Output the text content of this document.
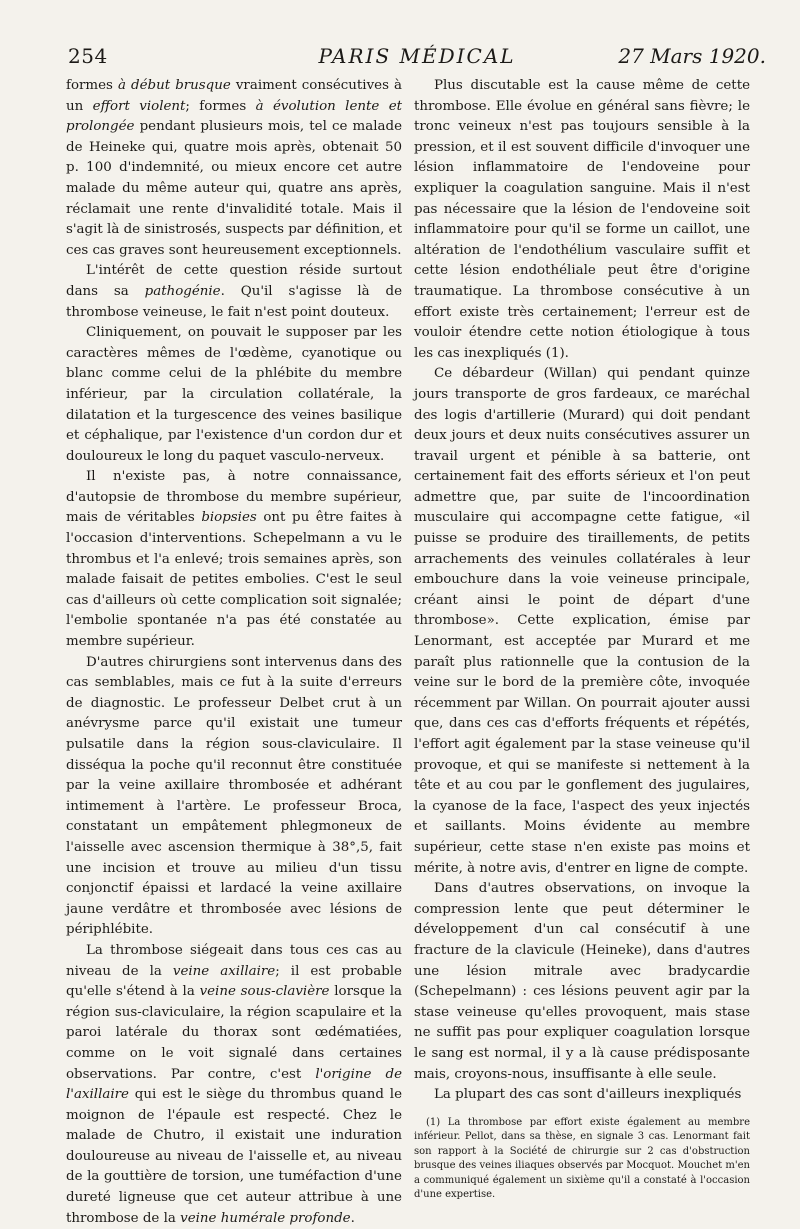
254	PARIS MÉDICAL	27 Mars 1920.

formes à début brusque vraiment consécutives à un effort violent; formes à évolution lente et prolongée pendant plusieurs mois, tel ce malade de Heineke qui, quatre mois après, obtenait 50 p. 100 d'indemnité, ou mieux encore cet autre malade du même auteur qui, quatre ans après, réclamait une rente d'invalidité totale. Mais il s'agit là de sinistrosés, suspects par définition, et ces cas graves sont heureusement exceptionnels.

L'intérêt de cette question réside surtout dans sa pathogénie. Qu'il s'agisse là de thrombose veineuse, le fait n'est point douteux.

Cliniquement, on pouvait le supposer par les caractères mêmes de l'œdème, cyanotique ou blanc comme celui de la phlébite du membre inférieur, par la circulation collatérale, la dilatation et la turgescence des veines basilique et céphalique, par l'existence d'un cordon dur et douloureux le long du paquet vasculo-nerveux.

Il n'existe pas, à notre connaissance, d'autopsie de thrombose du membre supérieur, mais de véritables biopsies ont pu être faites à l'occasion d'interventions. Schepelmann a vu le thrombus et l'a enlevé; trois semaines après, son malade faisait de petites embolies. C'est le seul cas d'ailleurs où cette complication soit signalée; l'embolie spontanée n'a pas été constatée au membre supérieur.

D'autres chirurgiens sont intervenus dans des cas semblables, mais ce fut à la suite d'erreurs de diagnostic. Le professeur Delbet crut à un anévrysme parce qu'il existait une tumeur pulsatile dans la région sous-claviculaire. Il disséqua la poche qu'il reconnut être constituée par la veine axillaire thrombosée et adhérant intimement à l'artère. Le professeur Broca, constatant un empâtement phlegmoneux de l'aisselle avec ascension thermique à 38°,5, fait une incision et trouve au milieu d'un tissu conjonctif épaissi et lardacé la veine axillaire jaune verdâtre et thrombosée avec lésions de périphlébite.

La thrombose siégeait dans tous ces cas au niveau de la veine axillaire; il est probable qu'elle s'étend à la veine sous-clavière lorsque la région sus-claviculaire, la région scapulaire et la paroi latérale du thorax sont œdématiées, comme on le voit signalé dans certaines observations. Par contre, c'est l'origine de l'axillaire qui est le siège du thrombus quand le moignon de l'épaule est respecté. Chez le malade de Chutro, il existait une induration douloureuse au niveau de l'aisselle et, au niveau de la gouttière de torsion, une tuméfaction d'une dureté ligneuse que cet auteur attribue à une thrombose de la veine humérale profonde.

Plus discutable est la cause même de cette thrombose. Elle évolue en général sans fièvre; le tronc veineux n'est pas toujours sensible à la pression, et il est souvent difficile d'invoquer une lésion inflammatoire de l'endoveine pour expliquer la coagulation sanguine. Mais il n'est pas nécessaire que la lésion de l'endoveine soit inflammatoire pour qu'il se forme un caillot, une altération de l'endothélium vasculaire suffit et cette lésion endothéliale peut être d'origine traumatique. La thrombose consécutive à un effort existe très certainement; l'erreur est de vouloir étendre cette notion étiologique à tous les cas inexpliqués (1).

Ce débardeur (Willan) qui pendant quinze jours transporte de gros fardeaux, ce maréchal des logis d'artillerie (Murard) qui doit pendant deux jours et deux nuits consécutives assurer un travail urgent et pénible à sa batterie, ont certainement fait des efforts sérieux et l'on peut admettre que, par suite de l'incoordination musculaire qui accompagne cette fatigue, «il puisse se produire des tiraillements, de petits arrachements des veinules collatérales à leur embouchure dans la voie veineuse principale, créant ainsi le point de départ d'une thrombose». Cette explication, émise par Lenormant, est acceptée par Murard et me paraît plus rationnelle que la contusion de la veine sur le bord de la première côte, invoquée récemment par Willan. On pourrait ajouter aussi que, dans ces cas d'efforts fréquents et répétés, l'effort agit également par la stase veineuse qu'il provoque, et qui se manifeste si nettement à la tête et au cou par le gonflement des jugulaires, la cyanose de la face, l'aspect des yeux injectés et saillants. Moins évidente au membre supérieur, cette stase n'en existe pas moins et mérite, à notre avis, d'entrer en ligne de compte.

Dans d'autres observations, on invoque la compression lente que peut déterminer le développement d'un cal consécutif à une fracture de la clavicule (Heineke), dans d'autres une lésion mitrale avec bradycardie (Schepelmann) : ces lésions peuvent agir par la stase veineuse qu'elles provoquent, mais stase ne suffit pas pour expliquer coagulation lorsque le sang est normal, il y a là cause prédisposante mais, croyons-nous, insuffisante à elle seule.

La plupart des cas sont d'ailleurs inexpliqués

(1) La thrombose par effort existe également au membre inférieur. Pellot, dans sa thèse, en signale 3 cas. Lenormant fait son rapport à la Société de chirurgie sur 2 cas d'obstruction brusque des veines iliaques observés par Mocquot. Mouchet m'en a communiqué également un sixième qu'il a constaté à l'occasion d'une expertise.
